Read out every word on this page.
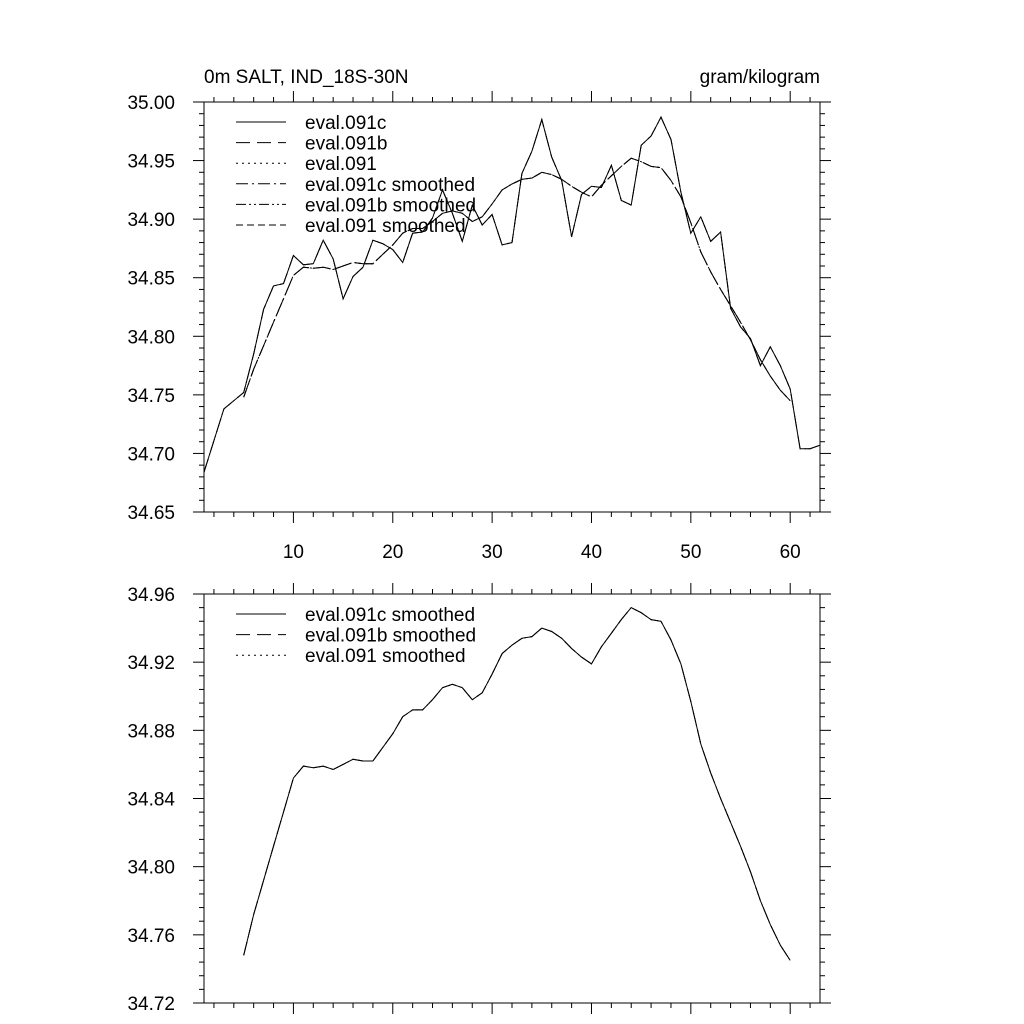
0m SALT, IND_18S-30N	gram/kilogram
10	20	30	40	50	60
34.65
34.70
34.75
34.80
34.85
34.90
34.95
35.00
eval.091c
eval.091b
eval.091
eval.091c smoothed
eval.091b smoothed
eval.091 smoothed
34.72
34.76
34.80
34.84
34.88
34.92
34.96
eval.091c smoothed
eval.091b smoothed
eval.091 smoothed
